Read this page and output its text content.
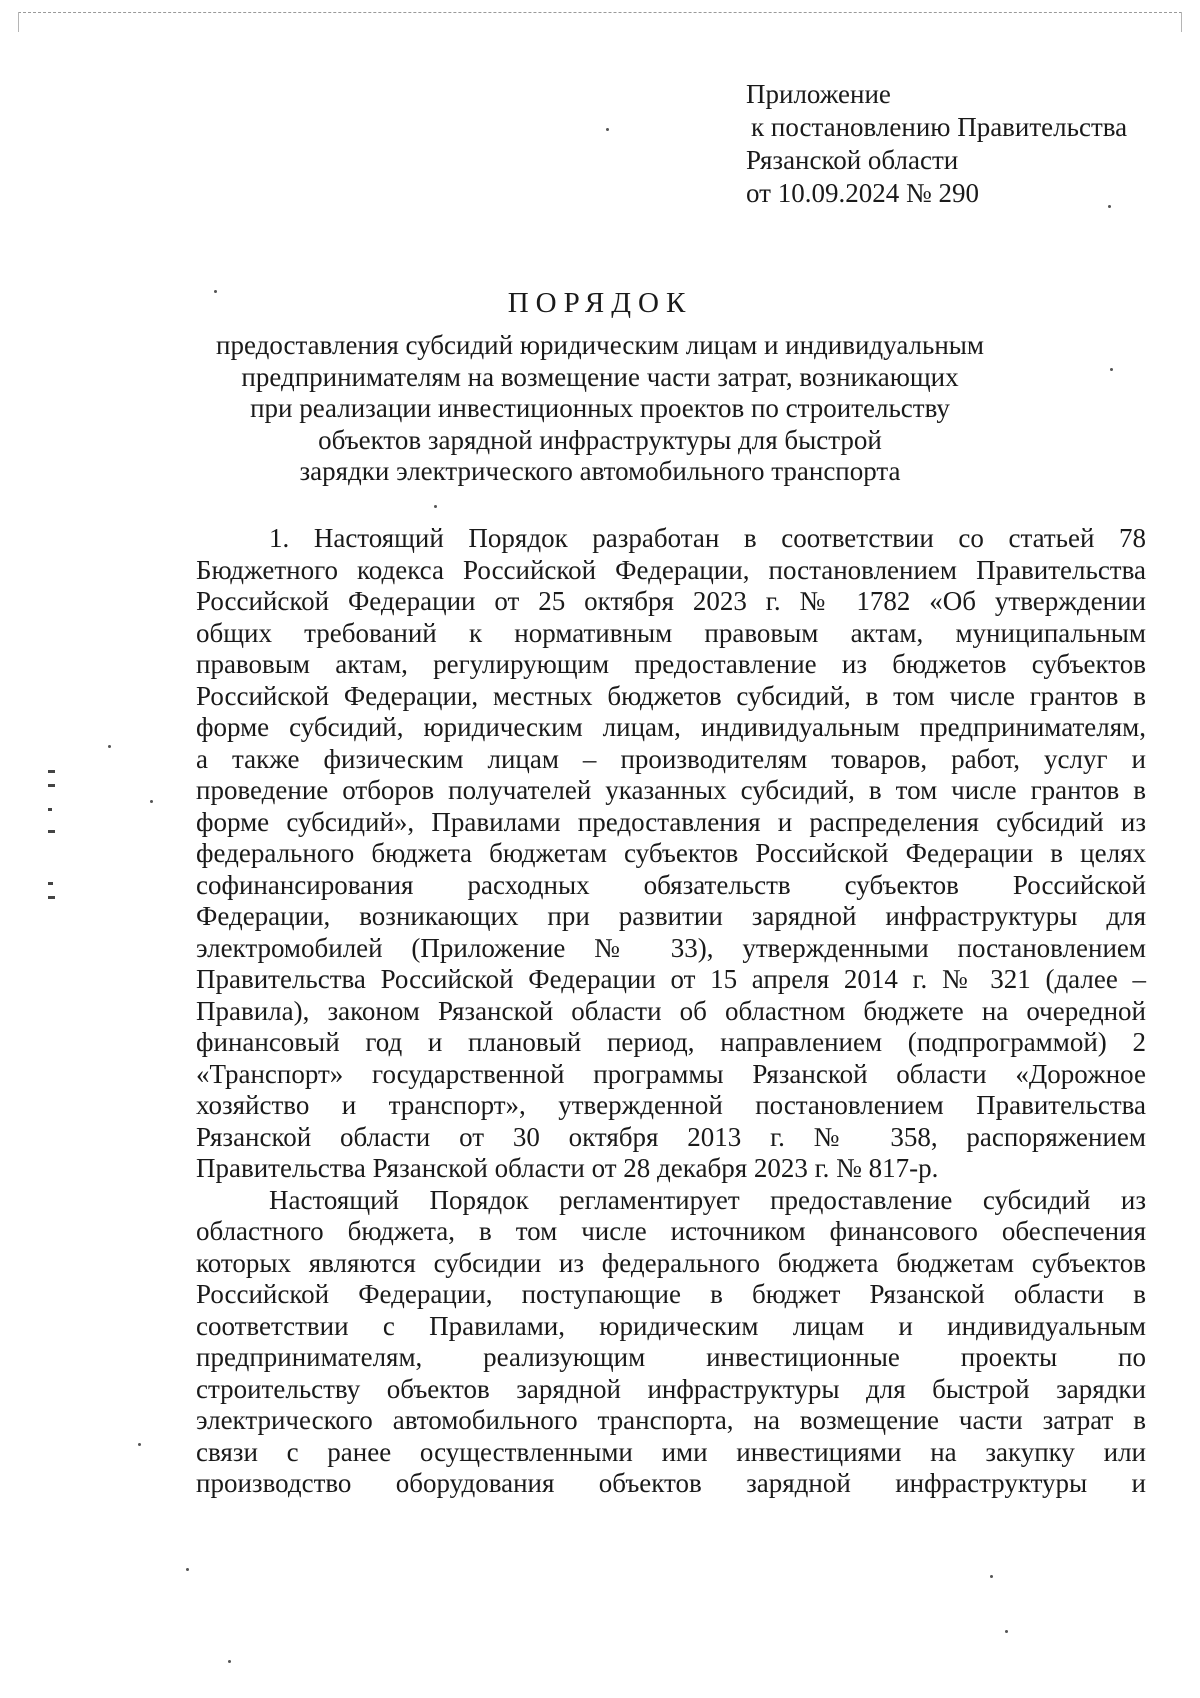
Приложение
к постановлению Правительства
Рязанской области
от 10.09.2024 № 290
ПОРЯДОК
предоставления субсидий юридическим лицам и индивидуальным
предпринимателям на возмещение части затрат, возникающих
при реализации инвестиционных проектов по строительству
объектов зарядной инфраструктуры для быстрой
зарядки электрического автомобильного транспорта
1. Настоящий Порядок разработан в соответствии со статьей 78
Бюджетного кодекса Российской Федерации, постановлением Правительства
Российской Федерации от 25 октября 2023 г. № 1782 «Об утверждении
общих требований к нормативным правовым актам, муниципальным
правовым актам, регулирующим предоставление из бюджетов субъектов
Российской Федерации, местных бюджетов субсидий, в том числе грантов в
форме субсидий, юридическим лицам, индивидуальным предпринимателям,
а также физическим лицам – производителям товаров, работ, услуг и
проведение отборов получателей указанных субсидий, в том числе грантов в
форме субсидий», Правилами предоставления и распределения субсидий из
федерального бюджета бюджетам субъектов Российской Федерации в целях
софинансирования расходных обязательств субъектов Российской
Федерации, возникающих при развитии зарядной инфраструктуры для
электромобилей (Приложение № 33), утвержденными постановлением
Правительства Российской Федерации от 15 апреля 2014 г. № 321 (далее –
Правила), законом Рязанской области об областном бюджете на очередной
финансовый год и плановый период, направлением (подпрограммой) 2
«Транспорт» государственной программы Рязанской области «Дорожное
хозяйство и транспорт», утвержденной постановлением Правительства
Рязанской области от 30 октября 2013 г. № 358, распоряжением
Правительства Рязанской области от 28 декабря 2023 г. № 817-р.
Настоящий Порядок регламентирует предоставление субсидий из
областного бюджета, в том числе источником финансового обеспечения
которых являются субсидии из федерального бюджета бюджетам субъектов
Российской Федерации, поступающие в бюджет Рязанской области в
соответствии с Правилами, юридическим лицам и индивидуальным
предпринимателям, реализующим инвестиционные проекты по
строительству объектов зарядной инфраструктуры для быстрой зарядки
электрического автомобильного транспорта, на возмещение части затрат в
связи с ранее осуществленными ими инвестициями на закупку или
производство оборудования объектов зарядной инфраструктуры и
